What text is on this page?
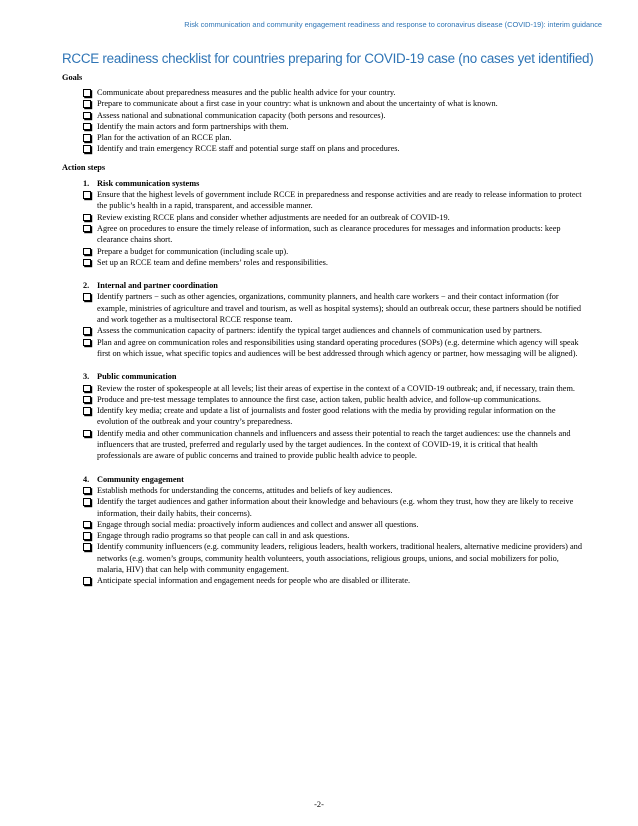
Risk communication and community engagement readiness and response to coronavirus disease (COVID-19): interim guidance
RCCE readiness checklist for countries preparing for COVID-19 case (no cases yet identified)
Goals
Communicate about preparedness measures and the public health advice for your country.
Prepare to communicate about a first case in your country: what is unknown and about the uncertainty of what is known.
Assess national and subnational communication capacity (both persons and resources).
Identify the main actors and form partnerships with them.
Plan for the activation of an RCCE plan.
Identify and train emergency RCCE staff and potential surge staff on plans and procedures.
Action steps
1. Risk communication systems
Ensure that the highest levels of government include RCCE in preparedness and response activities and are ready to release information to protect the public’s health in a rapid, transparent, and accessible manner.
Review existing RCCE plans and consider whether adjustments are needed for an outbreak of COVID-19.
Agree on procedures to ensure the timely release of information, such as clearance procedures for messages and information products: keep clearance chains short.
Prepare a budget for communication (including scale up).
Set up an RCCE team and define members’ roles and responsibilities.
2. Internal and partner coordination
Identify partners − such as other agencies, organizations, community planners, and health care workers − and their contact information (for example, ministries of agriculture and travel and tourism, as well as hospital systems); should an outbreak occur, these partners should be notified and work together as a multisectoral RCCE response team.
Assess the communication capacity of partners: identify the typical target audiences and channels of communication used by partners.
Plan and agree on communication roles and responsibilities using standard operating procedures (SOPs) (e.g. determine which agency will speak first on which issue, what specific topics and audiences will be best addressed through which agency or partner, how messaging will be aligned).
3. Public communication
Review the roster of spokespeople at all levels; list their areas of expertise in the context of a COVID-19 outbreak; and, if necessary, train them.
Produce and pre-test message templates to announce the first case, action taken, public health advice, and follow-up communications.
Identify key media; create and update a list of journalists and foster good relations with the media by providing regular information on the evolution of the outbreak and your country’s preparedness.
Identify media and other communication channels and influencers and assess their potential to reach the target audiences: use the channels and influencers that are trusted, preferred and regularly used by the target audiences. In the context of COVID-19, it is critical that health professionals are aware of public concerns and trained to provide public health advice to people.
4. Community engagement
Establish methods for understanding the concerns, attitudes and beliefs of key audiences.
Identify the target audiences and gather information about their knowledge and behaviours (e.g. whom they trust, how they are likely to receive information, their daily habits, their concerns).
Engage through social media: proactively inform audiences and collect and answer all questions.
Engage through radio programs so that people can call in and ask questions.
Identify community influencers (e.g. community leaders, religious leaders, health workers, traditional healers, alternative medicine providers) and networks (e.g. women’s groups, community health volunteers, youth associations, religious groups, unions, and social mobilizers for polio, malaria, HIV) that can help with community engagement.
Anticipate special information and engagement needs for people who are disabled or illiterate.
-2-
